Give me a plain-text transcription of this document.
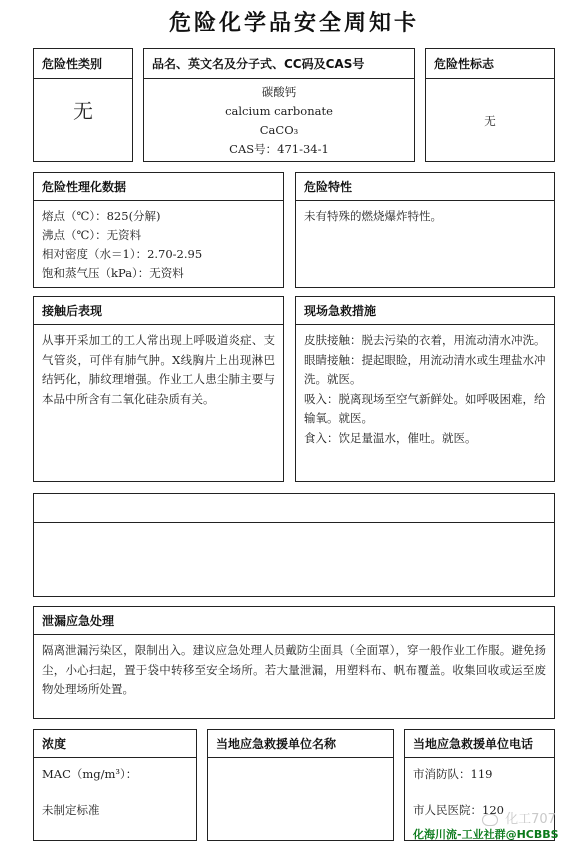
危险化学品安全周知卡
危险性类别
无
品名、英文名及分子式、CC码及CAS号
碳酸钙
calcium carbonate
CaCO₃
CAS号：471-34-1
危险性标志
无
危险性理化数据
熔点（℃）：825(分解)
沸点（℃）：无资料
相对密度（水＝1）：2.70-2.95
饱和蒸气压（kPa）：无资料
危险特性
未有特殊的燃烧爆炸特性。
接触后表现
从事开采加工的工人常出现上呼吸道炎症、支气管炎，可伴有肺气肿。X线胸片上出现淋巴结钙化，肺纹理增强。作业工人患尘肺主要与本品中所含有二氧化硅杂质有关。
现场急救措施
皮肤接触：脱去污染的衣着，用流动清水冲洗。
眼睛接触：提起眼睑，用流动清水或生理盐水冲洗。就医。
吸入：脱离现场至空气新鲜处。如呼吸困难，给输氧。就医。
食入：饮足量温水，催吐。就医。
泄漏应急处理
隔离泄漏污染区，限制出入。建议应急处理人员戴防尘面具（全面罩），穿一般作业工作服。避免扬尘，小心扫起，置于袋中转移至安全场所。若大量泄漏，用塑料布、帆布覆盖。收集回收或运至废物处理场所处置。
浓度
MAC（mg/m³）：
未制定标准
当地应急救援单位名称	当地应急救援单位电话
市消防队：119
市人民医院：120
化工707
化海川流-工业社群@HCBBS
